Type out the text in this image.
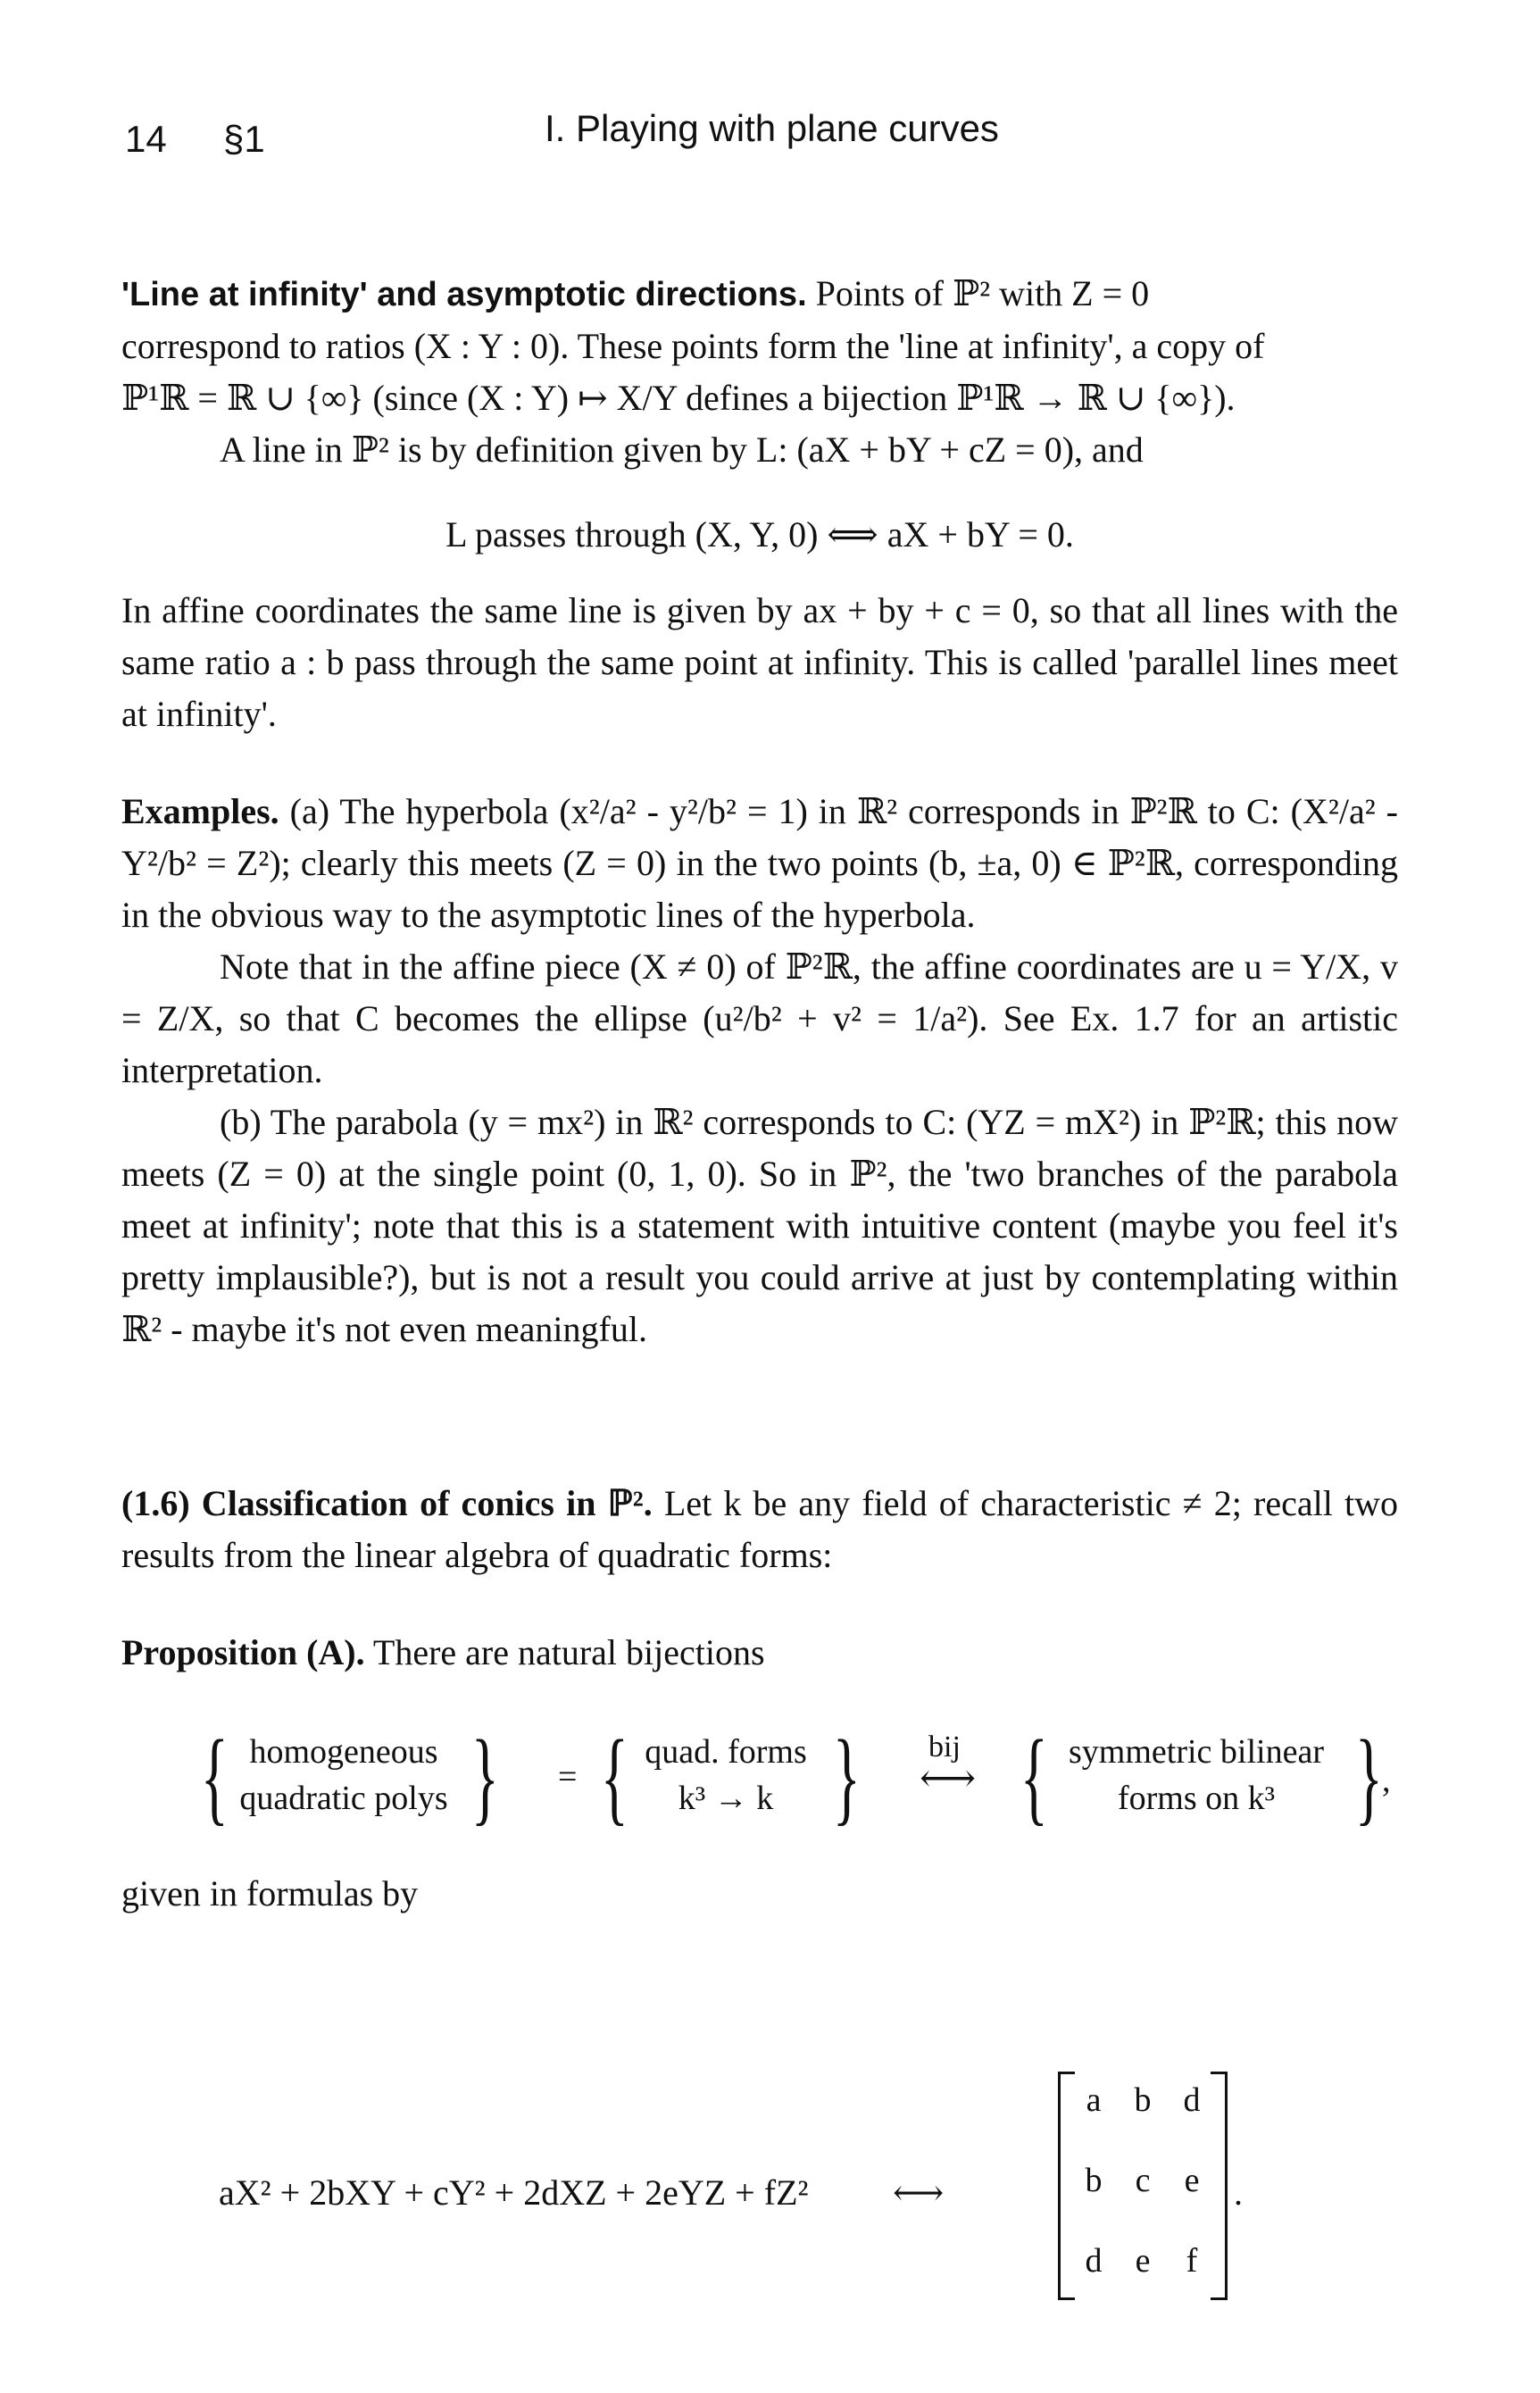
14 §1	I. Playing with plane curves

'Line at infinity' and asymptotic directions. Points of ℙ² with Z = 0

correspond to ratios (X : Y : 0). These points form the 'line at infinity', a copy of

ℙ¹ℝ = ℝ ∪ {∞} (since (X : Y) ↦ X/Y defines a bijection ℙ¹ℝ → ℝ ∪ {∞}).

A line in ℙ² is by definition given by L: (aX + bY + cZ = 0), and

L passes through (X, Y, 0) ⟺ aX + bY = 0.

In affine coordinates the same line is given by ax + by + c = 0, so that all lines with the same ratio a : b pass through the same point at infinity. This is called 'parallel lines meet at infinity'.

Examples. (a) The hyperbola (x²/a² - y²/b² = 1) in ℝ² corresponds in ℙ²ℝ to C: (X²/a² - Y²/b² = Z²); clearly this meets (Z = 0) in the two points (b, ±a, 0) ∈ ℙ²ℝ, corresponding in the obvious way to the asymptotic lines of the hyperbola.

Note that in the affine piece (X ≠ 0) of ℙ²ℝ, the affine coordinates are u = Y/X, v = Z/X, so that C becomes the ellipse (u²/b² + v² = 1/a²). See Ex. 1.7 for an artistic interpretation.

(b) The parabola (y = mx²) in ℝ² corresponds to C: (YZ = mX²) in ℙ²ℝ; this now meets (Z = 0) at the single point (0, 1, 0). So in ℙ², the 'two branches of the parabola meet at infinity'; note that this is a statement with intuitive content (maybe you feel it's pretty implausible?), but is not a result you could arrive at just by contemplating within ℝ² - maybe it's not even meaningful.

(1.6) Classification of conics in ℙ². Let k be any field of characteristic ≠ 2; recall two results from the linear algebra of quadratic forms:

Proposition (A). There are natural bijections

{ homogeneous
quadratic polys } = { quad. forms
k³ → k } bij
⟷ { symmetric bilinear
forms on k³ } ,

given in formulas by

aX² + 2bXY + cY² + 2dXZ + 2eYZ + fZ² ⟷
a b d
b c	e
d e	f
.
